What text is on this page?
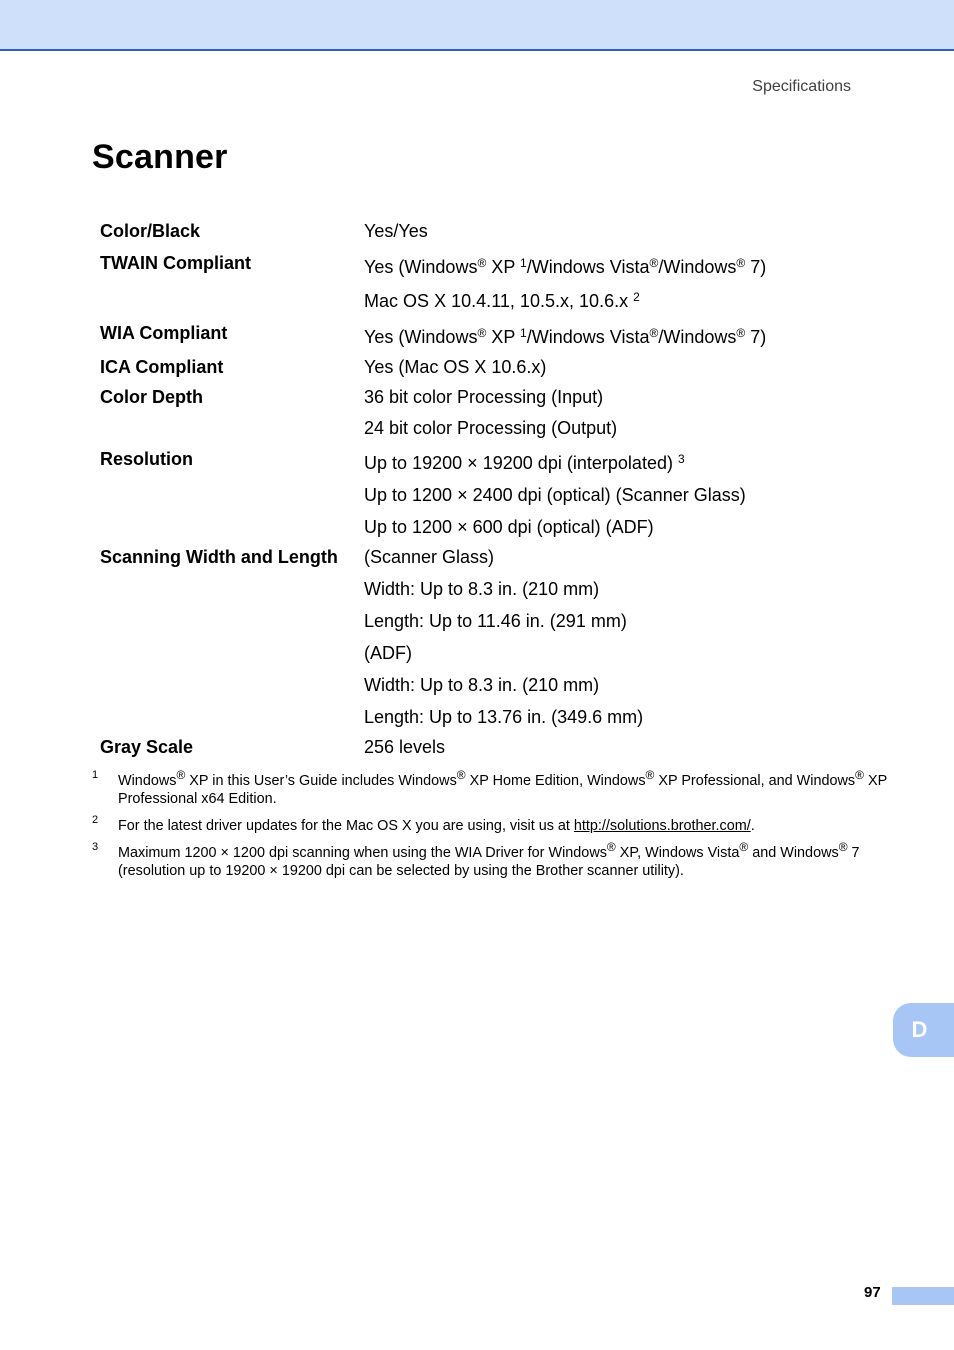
Specifications
Scanner
Color/Black	Yes/Yes
TWAIN Compliant	Yes (Windows® XP $^1$/Windows Vista®/Windows® 7)
Mac OS X 10.4.11, 10.5.x, 10.6.x $^2$
WIA Compliant	Yes (Windows® XP $^1$/Windows Vista®/Windows® 7)
ICA Compliant	Yes (Mac OS X 10.6.x)
Color Depth	36 bit color Processing (Input)
24 bit color Processing (Output)
Resolution	Up to 19200 × 19200 dpi (interpolated) $^3$
Up to 1200 × 2400 dpi (optical) (Scanner Glass)
Up to 1200 × 600 dpi (optical) (ADF)
Scanning Width and Length	(Scanner Glass)
Width: Up to 8.3 in. (210 mm)
Length: Up to 11.46 in. (291 mm)
(ADF)
Width: Up to 8.3 in. (210 mm)
Length: Up to 13.76 in. (349.6 mm)
Gray Scale	256 levels
1 Windows® XP in this User’s Guide includes Windows® XP Home Edition, Windows® XP Professional, and Windows® XP Professional x64 Edition.
2 For the latest driver updates for the Mac OS X you are using, visit us at http://solutions.brother.com/.
3 Maximum 1200 × 1200 dpi scanning when using the WIA Driver for Windows® XP, Windows Vista® and Windows® 7 (resolution up to 19200 × 19200 dpi can be selected by using the Brother scanner utility).
D
97
